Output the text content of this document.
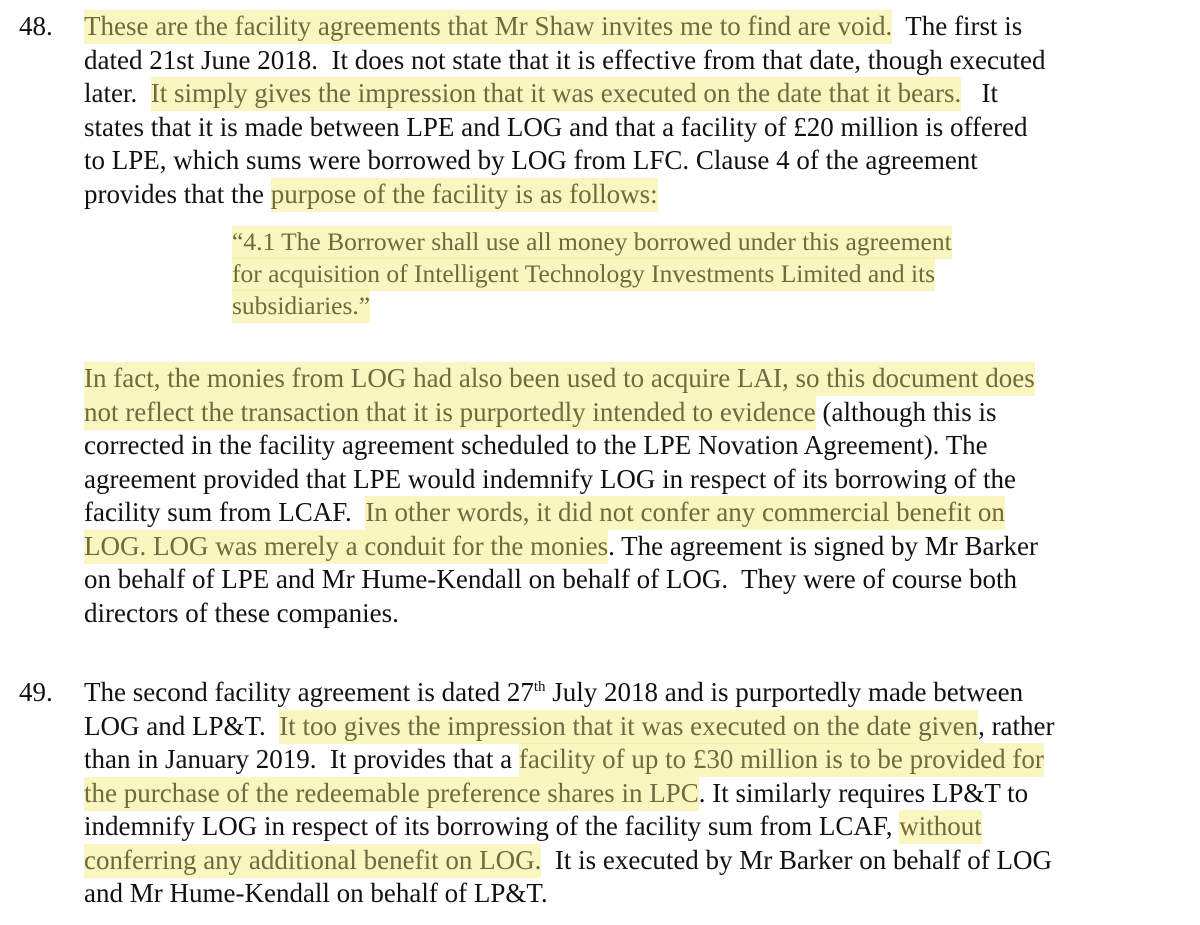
48. These are the facility agreements that Mr Shaw invites me to find are void.  The first is
dated 21st June 2018.  It does not state that it is effective from that date, though executed
later.  It simply gives the impression that it was executed on the date that it bears.   It
states that it is made between LPE and LOG and that a facility of £20 million is offered
to LPE, which sums were borrowed by LOG from LFC. Clause 4 of the agreement
provides that the purpose of the facility is as follows:
“4.1 The Borrower shall use all money borrowed under this agreement
for acquisition of Intelligent Technology Investments Limited and its
subsidiaries.”
In fact, the monies from LOG had also been used to acquire LAI, so this document does
not reflect the transaction that it is purportedly intended to evidence (although this is
corrected in the facility agreement scheduled to the LPE Novation Agreement). The
agreement provided that LPE would indemnify LOG in respect of its borrowing of the
facility sum from LCAF.  In other words, it did not confer any commercial benefit on
LOG. LOG was merely a conduit for the monies. The agreement is signed by Mr Barker
on behalf of LPE and Mr Hume-Kendall on behalf of LOG.  They were of course both
directors of these companies.
49. The second facility agreement is dated 27th July 2018 and is purportedly made between
LOG and LP&T.  It too gives the impression that it was executed on the date given, rather
than in January 2019.  It provides that a facility of up to £30 million is to be provided for
the purchase of the redeemable preference shares in LPC. It similarly requires LP&T to
indemnify LOG in respect of its borrowing of the facility sum from LCAF, without
conferring any additional benefit on LOG.  It is executed by Mr Barker on behalf of LOG
and Mr Hume-Kendall on behalf of LP&T.
